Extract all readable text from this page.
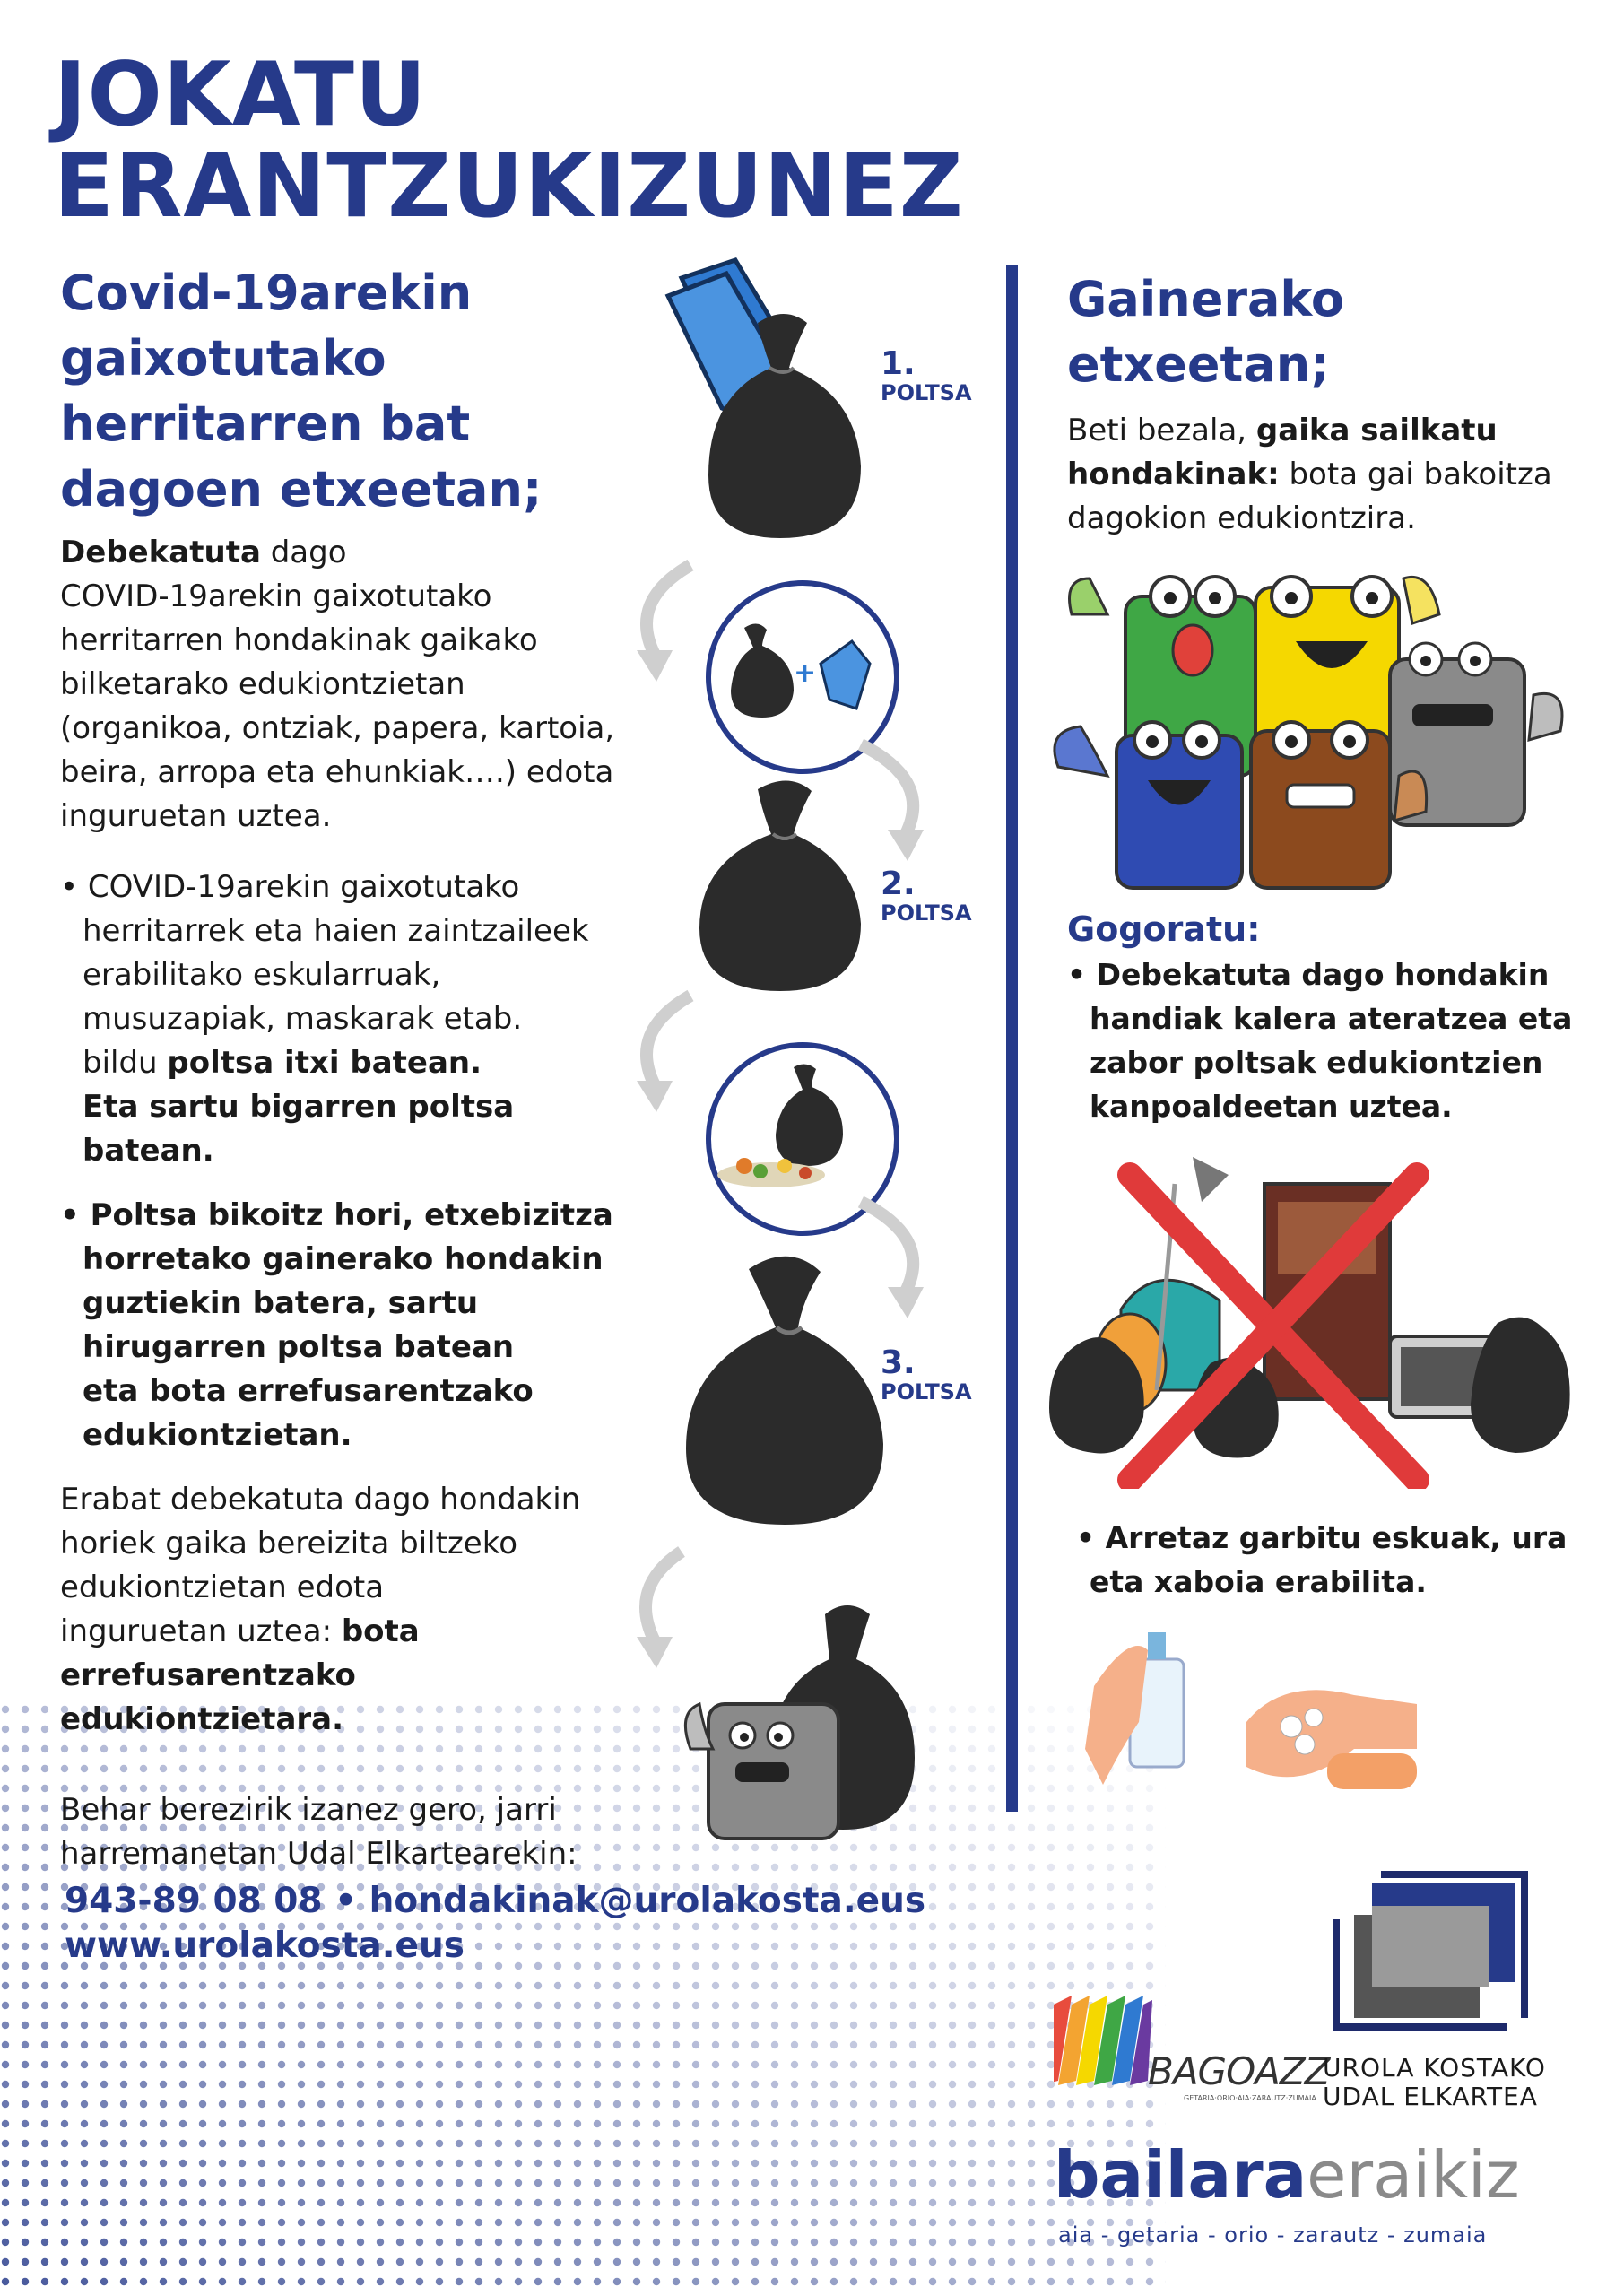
JOKATU
ERANTZUKIZUNEZ
Covid-19arekin
gaixotutako
herritarren bat
dagoen etxeetan;
Debekatuta dago
COVID-19arekin gaixotutako
herritarren hondakinak gaikako
bilketarako edukiontzietan
(organikoa, ontziak, papera, kartoia,
beira, arropa eta ehunkiak….) edota
inguruetan uztea.
• COVID-19arekin gaixotutako
herritarrek eta haien zaintzaileek
erabilitako eskularruak,
musuzapiak, maskarak etab.
bildu poltsa itxi batean.
Eta sartu bigarren poltsa
batean.
• Poltsa bikoitz hori, etxebizitza
horretako gainerako hondakin
guztiekin batera, sartu
hirugarren poltsa batean
eta bota errefusarentzako
edukiontzietan.
Erabat debekatuta dago hondakin
horiek gaika bereizita biltzeko
edukiontzietan edota
inguruetan uztea: bota
errefusarentzako
edukiontzietara.
Behar berezirik izanez gero, jarri
harremanetan Udal Elkartearekin:
943-89 08 08 • hondakinak@urolakosta.eus
www.urolakosta.eus
+
1.
POLTSA
2.
POLTSA
3.
POLTSA
Gainerako
etxeetan;
Beti bezala, gaika sailkatu
hondakinak: bota gai bakoitza
dagokion edukiontzira.
Gogoratu:
• Debekatuta dago hondakin
handiak kalera ateratzea eta
zabor poltsak edukiontzien
kanpoaldeetan uztea.
• Arretaz garbitu eskuak, ura
eta xaboia erabilita.
BAGOAZZ
GETARIA·ORIO·AIA·ZARAUTZ·ZUMAIA
UROLA KOSTAKO
UDAL ELKARTEA
bailaraeraikiz
aia - getaria - orio - zarautz - zumaia
